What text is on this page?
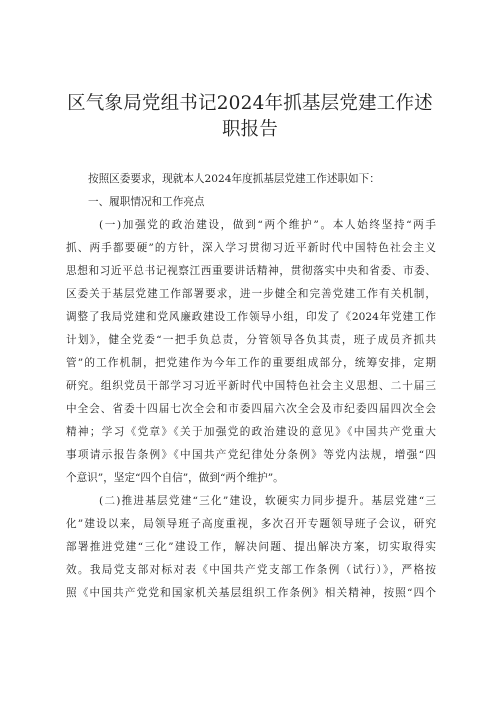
区气象局党组书记2024年抓基层党建工作述
职报告
按照区委要求，现就本人2024年度抓基层党建工作述职如下：
一、履职情况和工作亮点
(一)加强党的政治建设，做到“两个维护”。本人始终坚持“两手
抓、两手都要硬”的方针，深入学习贯彻习近平新时代中国特色社会主义
思想和习近平总书记视察江西重要讲话精神，贯彻落实中央和省委、市委、
区委关于基层党建工作部署要求，进一步健全和完善党建工作有关机制，
调整了我局党建和党风廉政建设工作领导小组，印发了《2024年党建工作
计划》，健全党委“一把手负总责，分管领导各负其责，班子成员齐抓共
管”的工作机制，把党建作为今年工作的重要组成部分，统筹安排，定期
研究。组织党员干部学习习近平新时代中国特色社会主义思想、二十届三
中全会、省委十四届七次全会和市委四届六次全会及市纪委四届四次全会
精神；学习《党章》《关于加强党的政治建设的意见》《中国共产党重大
事项请示报告条例》《中国共产党纪律处分条例》等党内法规，增强“四
个意识”，坚定“四个自信”，做到“两个维护”。
(二)推进基层党建“三化”建设，软硬实力同步提升。基层党建“三
化”建设以来，局领导班子高度重视，多次召开专题领导班子会议，研究
部署推进党建“三化”建设工作，解决问题、提出解决方案，切实取得实
效。我局党支部对标对表《中国共产党支部工作条例（试行）》，严格按
照《中国共产党党和国家机关基层组织工作条例》相关精神，按照“四个
